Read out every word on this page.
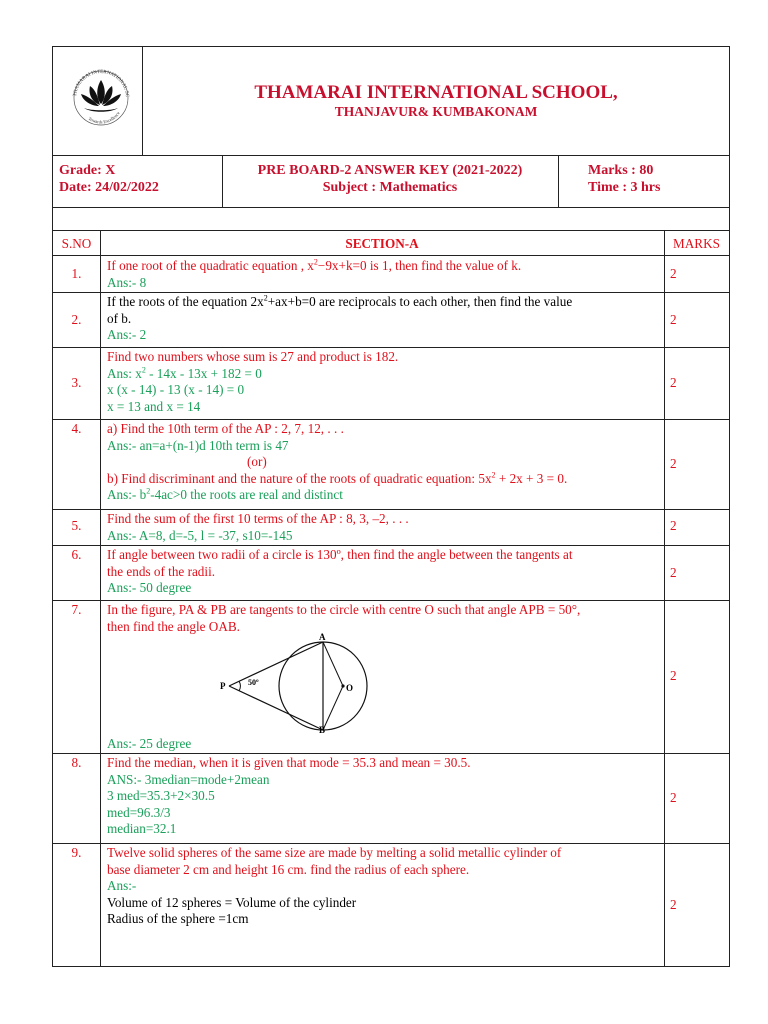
THAMARAI INTERNATIONAL SC
Towards Excellence
THAMARAI INTERNATIONAL SCHOOL,
THANJAVUR& KUMBAKONAM
Grade: X
Date: 24/02/2022
PRE BOARD-2 ANSWER KEY (2021-2022)
Subject : Mathematics
Marks : 80
Time : 3 hrs
S.NO	SECTION-A	MARKS
1.
If one root of the quadratic equation , $x^2-9x+k=0$ is 1, then find the value of k.
Ans:- 8
2
2.
If the roots of the equation $2x^2+ax+b=0$ are reciprocals to each other, then find the value
of b.
Ans:- 2
2
3.
Find two numbers whose sum is 27 and product is 182.
Ans: $x^2 - 14x - 13x + 182 = 0$
x (x - 14) - 13 (x - 14) = 0
x = 13 and x = 14
2
4.	a) Find the 10th term of the AP : 2, 7, 12, . . .
Ans:- an=a+(n-1)d 10th term is 47
(or)
b) Find discriminant and the nature of the roots of quadratic equation: $5x^2 + 2x + 3 = 0$.
Ans:- $b^2-4ac>0$ the roots are real and distinct
2
5.	Find the sum of the first 10 terms of the AP : 8, 3, –2, . . .
Ans:- A=8, d=-5, l = -37, s10=-145
2
6.	If angle between two radii of a circle is 130º, then find the angle between the tangents at
the ends of the radii.
Ans:- 50 degree
2
7.	In the figure, PA & PB are tangents to the circle with centre O such that angle APB = 50°,
then find the angle OAB.
P
A
B
O
50º
Ans:- 25 degree
2
8.	Find the median, when it is given that mode = 35.3 and mean = 30.5.
ANS:- 3median=mode+2mean
3 med=35.3+2×30.5
med=96.3/3
median=32.1
2
9.	Twelve solid spheres of the same size are made by melting a solid metallic cylinder of
base diameter 2 cm and height 16 cm. find the radius of each sphere.
Ans:-
Volume of 12 spheres = Volume of the cylinder
Radius of the sphere =1cm
2
